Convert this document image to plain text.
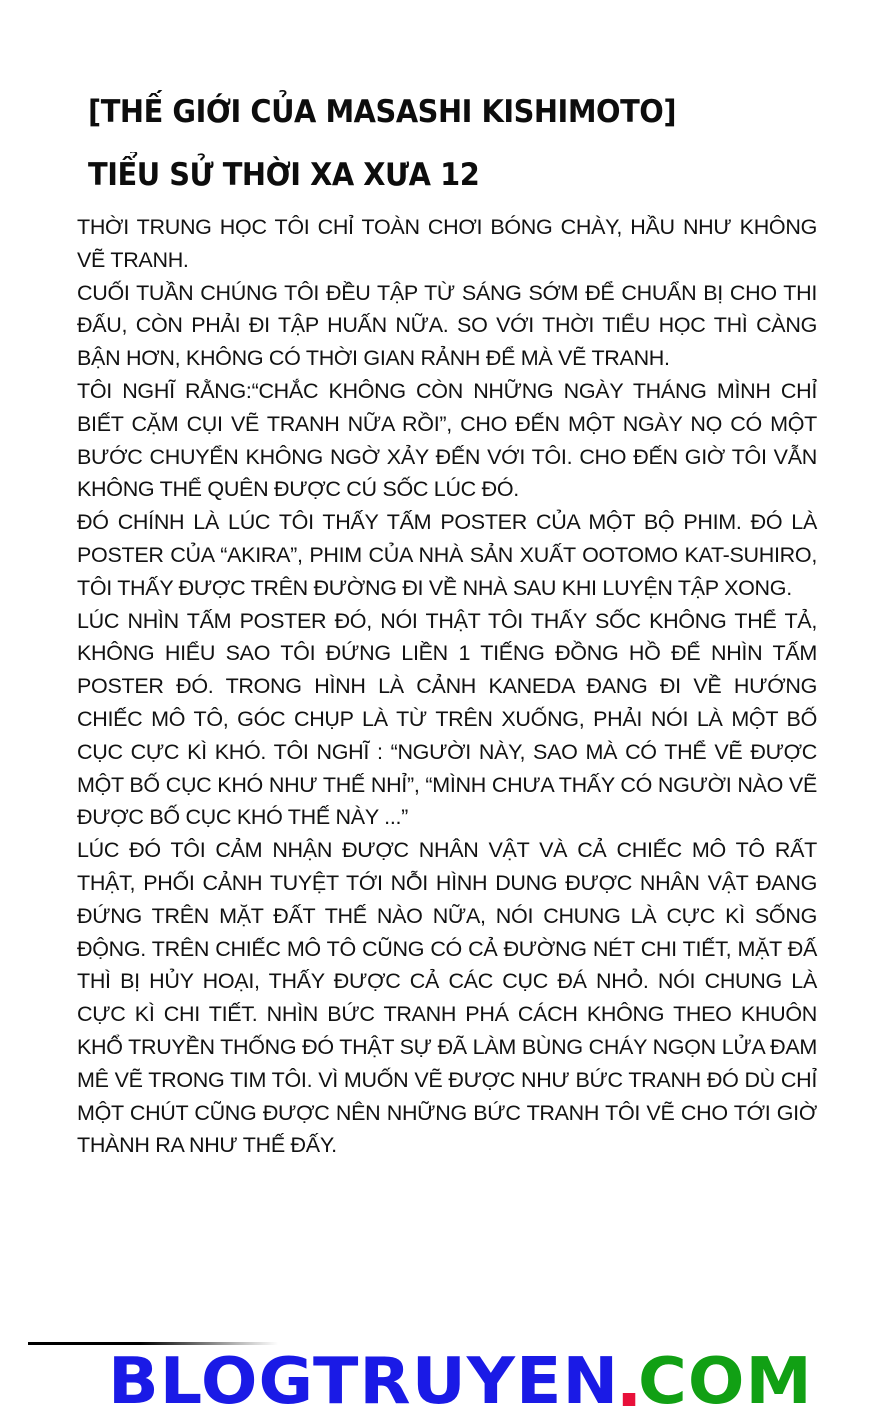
[THẾ GIỚI CỦA MASASHI KISHIMOTO]
TIỂU SỬ THỜI XA XƯA 12

THỜI TRUNG HỌC TÔI CHỈ TOÀN CHƠI BÓNG CHÀY, HẦU NHƯ KHÔNG VẼ TRANH.

CUỐI TUẦN CHÚNG TÔI ĐỀU TẬP TỪ SÁNG SỚM ĐỂ CHUẨN BỊ CHO THI ĐẤU, CÒN PHẢI ĐI TẬP HUẤN NỮA. SO VỚI THỜI TIỂU HỌC THÌ CÀNG BẬN HƠN, KHÔNG CÓ THỜI GIAN RẢNH ĐỂ MÀ VẼ TRANH.

TÔI NGHĨ RẰNG:“CHẮC KHÔNG CÒN NHỮNG NGÀY THÁNG MÌNH CHỈ BIẾT CẶM CỤI VẼ TRANH NỮA RỒI”, CHO ĐẾN MỘT NGÀY NỌ CÓ MỘT BƯỚC CHUYỂN KHÔNG NGỜ XẢY ĐẾN VỚI TÔI. CHO ĐẾN GIỜ TÔI VẪN KHÔNG THỂ QUÊN ĐƯỢC CÚ SỐC LÚC ĐÓ.

ĐÓ CHÍNH LÀ LÚC TÔI THẤY TẤM POSTER CỦA MỘT BỘ PHIM. ĐÓ LÀ POSTER CỦA “AKIRA”, PHIM CỦA NHÀ SẢN XUẤT OOTOMO KAT-SUHIRO, TÔI THẤY ĐƯỢC TRÊN ĐƯỜNG ĐI VỀ NHÀ SAU KHI LUYỆN TẬP XONG.

LÚC NHÌN TẤM POSTER ĐÓ, NÓI THẬT TÔI THẤY SỐC KHÔNG THỂ TẢ, KHÔNG HIỂU SAO TÔI ĐỨNG LIỀN 1 TIẾNG ĐỒNG HỒ ĐỂ NHÌN TẤM POSTER ĐÓ. TRONG HÌNH LÀ CẢNH KANEDA ĐANG ĐI VỀ HƯỚNG CHIẾC MÔ TÔ, GÓC CHỤP LÀ TỪ TRÊN XUỐNG, PHẢI NÓI LÀ MỘT BỐ CỤC CỰC KÌ KHÓ. TÔI NGHĨ : “NGƯỜI NÀY, SAO MÀ CÓ THỂ VẼ ĐƯỢC MỘT BỐ CỤC KHÓ NHƯ THẾ NHỈ”, “MÌNH CHƯA THẤY CÓ NGƯỜI NÀO VẼ ĐƯỢC BỐ CỤC KHÓ THẾ NÀY ...”

LÚC ĐÓ TÔI CẢM NHẬN ĐƯỢC NHÂN VẬT VÀ CẢ CHIẾC MÔ TÔ RẤT THẬT, PHỐI CẢNH TUYỆT TỚI NỖI HÌNH DUNG ĐƯỢC NHÂN VẬT ĐANG ĐỨNG TRÊN MẶT ĐẤT THẾ NÀO NỮA, NÓI CHUNG LÀ CỰC KÌ SỐNG ĐỘNG. TRÊN CHIẾC MÔ TÔ CŨNG CÓ CẢ ĐƯỜNG NÉT CHI TIẾT, MẶT ĐẤ THÌ BỊ HỦY HOẠI, THẤY ĐƯỢC CẢ CÁC CỤC ĐÁ NHỎ. NÓI CHUNG LÀ CỰC KÌ CHI TIẾT. NHÌN BỨC TRANH PHÁ CÁCH KHÔNG THEO KHUÔN KHỔ TRUYỀN THỐNG ĐÓ THẬT SỰ ĐÃ LÀM BÙNG CHÁY NGỌN LỬA ĐAM MÊ VẼ TRONG TIM TÔI. VÌ MUỐN VẼ ĐƯỢC NHƯ BỨC TRANH ĐÓ DÙ CHỈ MỘT CHÚT CŨNG ĐƯỢC NÊN NHỮNG BỨC TRANH TÔI VẼ CHO TỚI GIỜ THÀNH RA NHƯ THẾ ĐẤY.

BLOGTRUYEN COM
